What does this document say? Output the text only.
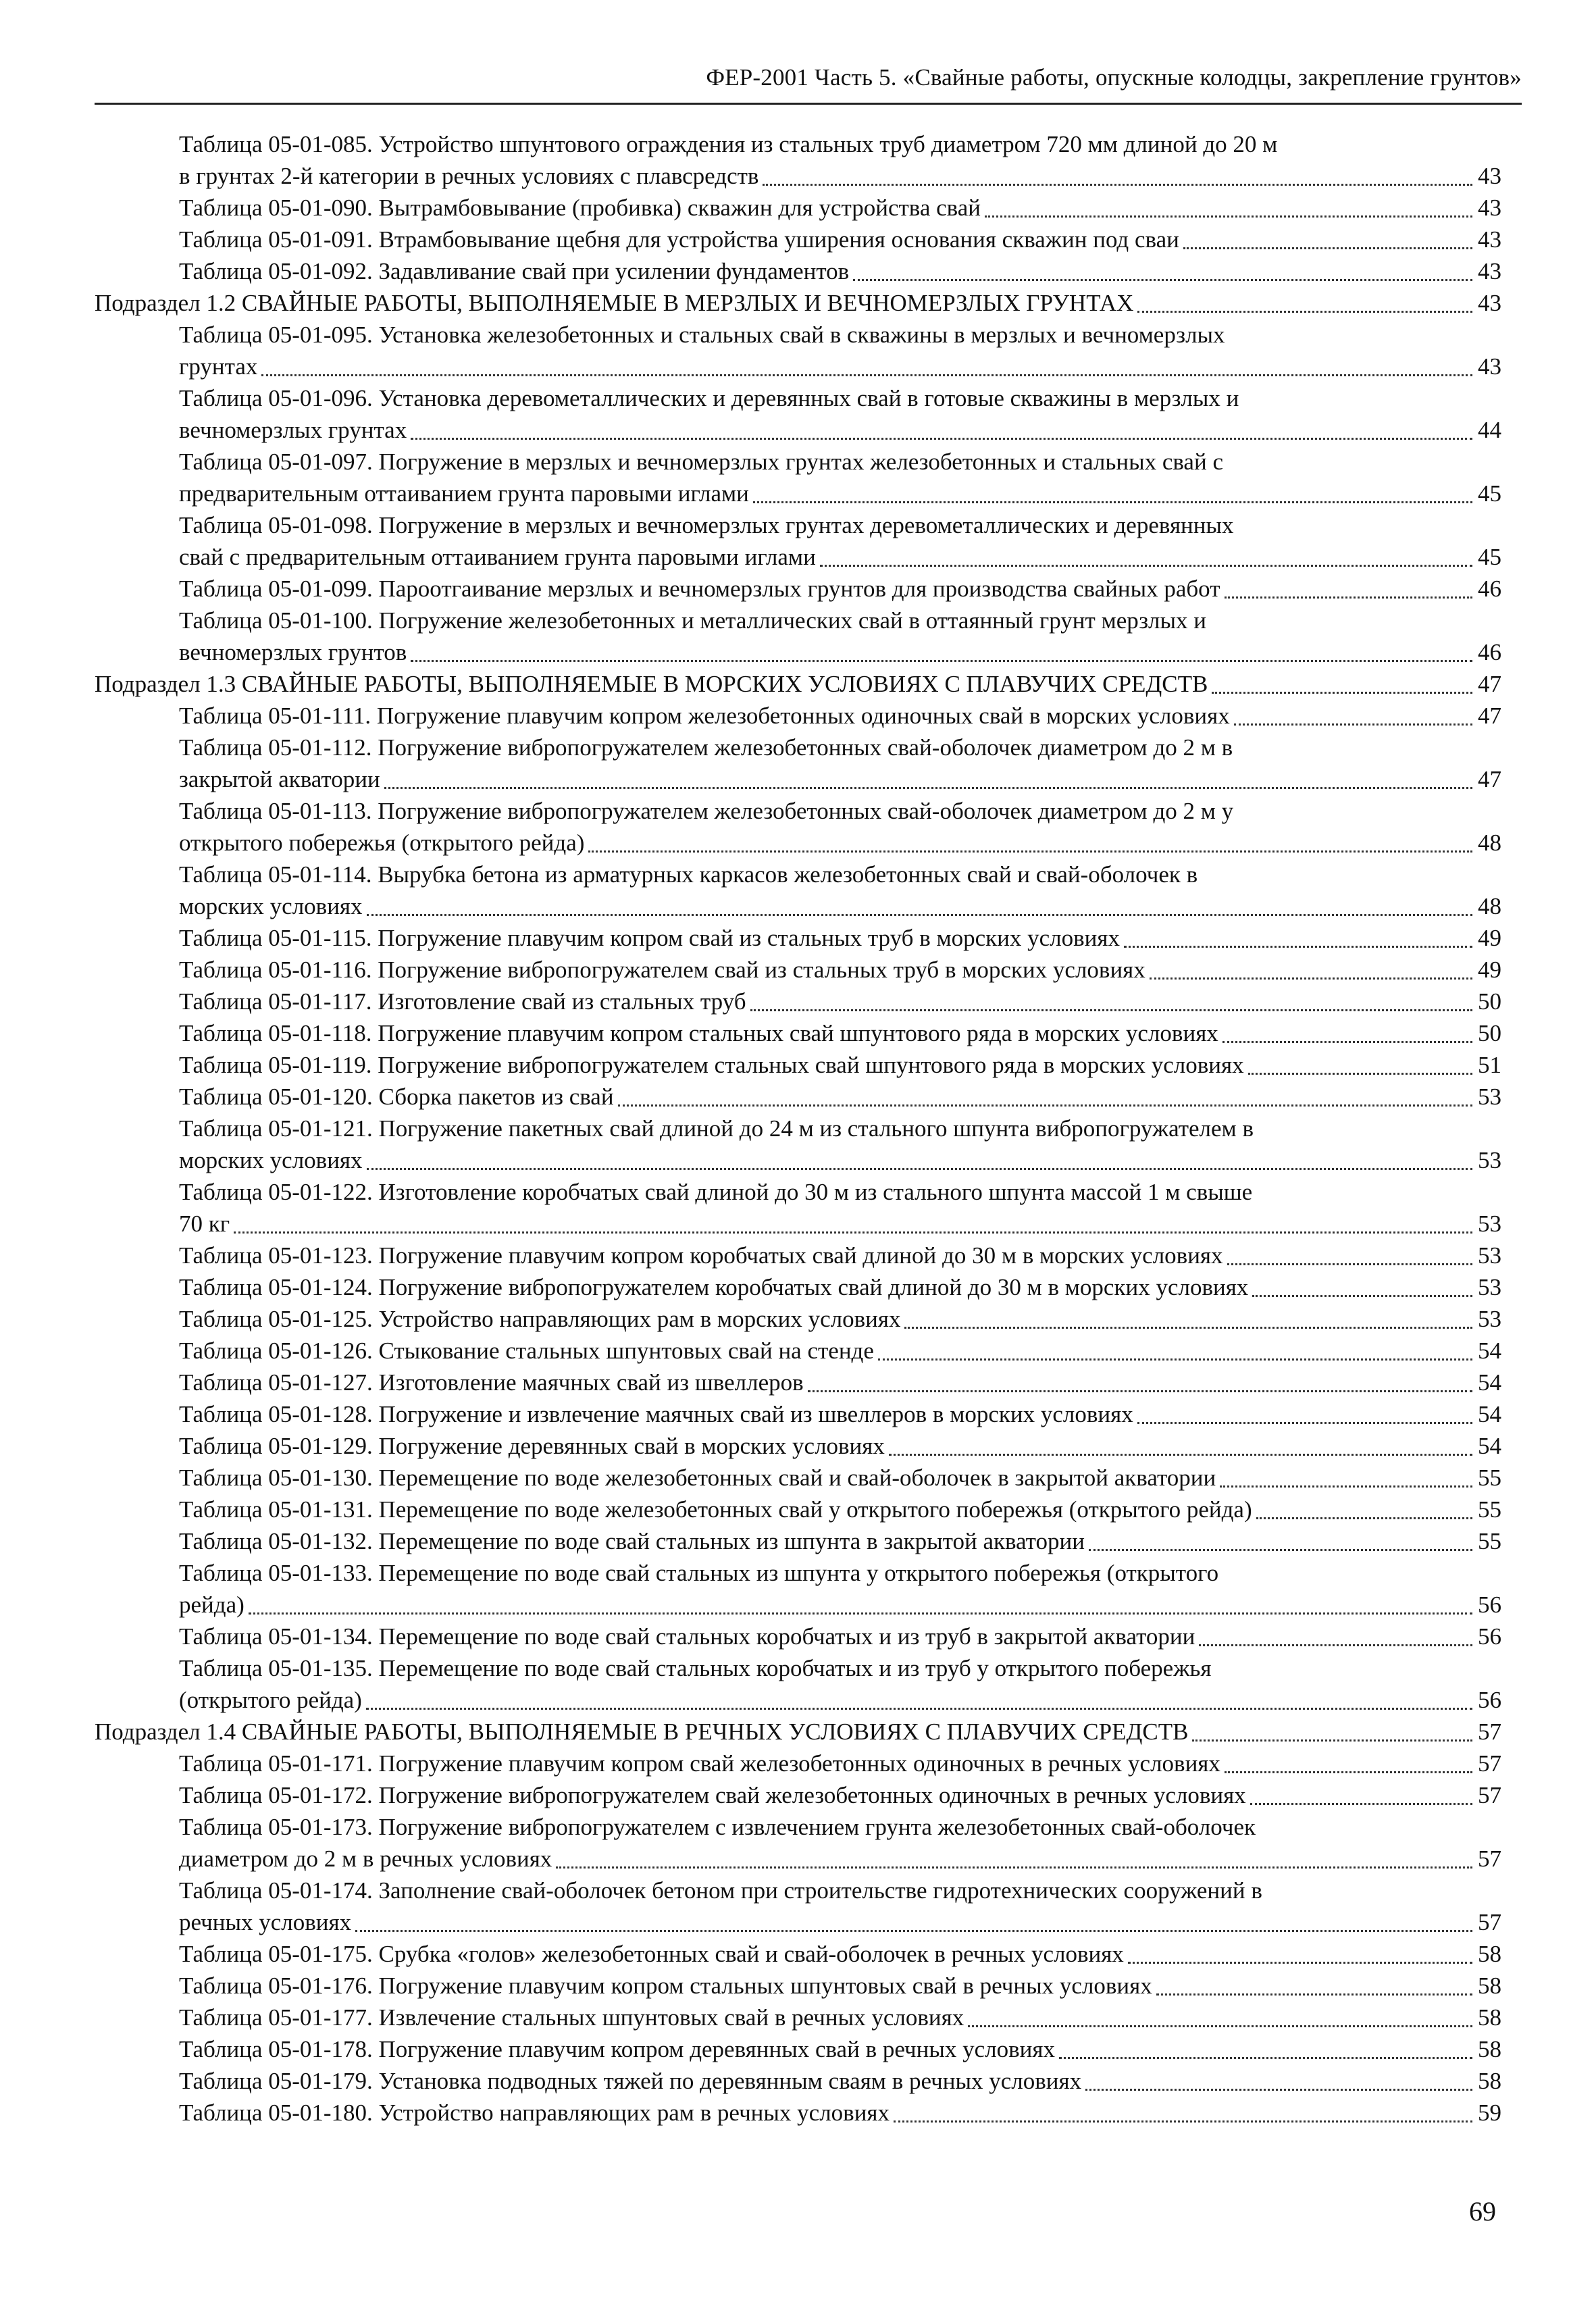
ФЕР-2001 Часть 5. «Свайные работы, опускные колодцы, закрепление грунтов»
Таблица 05-01-085. Устройство шпунтового ограждения из стальных труб диаметром 720 мм длиной до 20 м
в грунтах 2-й категории в речных условиях с плавсредств	43
Таблица 05-01-090. Вытрамбовывание (пробивка) скважин для устройства свай	43
Таблица 05-01-091. Втрамбовывание щебня для устройства уширения основания скважин под сваи	43
Таблица 05-01-092. Задавливание свай при усилении фундаментов	43
Подраздел 1.2 СВАЙНЫЕ РАБОТЫ, ВЫПОЛНЯЕМЫЕ В МЕРЗЛЫХ И ВЕЧНОМЕРЗЛЫХ ГРУНТАХ	43
Таблица 05-01-095. Установка железобетонных и стальных свай в скважины в мерзлых и вечномерзлых
грунтах	43
Таблица 05-01-096. Установка деревометаллических и деревянных свай в готовые скважины в мерзлых и
вечномерзлых грунтах	44
Таблица 05-01-097. Погружение в мерзлых и вечномерзлых грунтах железобетонных и стальных свай с
предварительным оттаиванием грунта паровыми иглами	45
Таблица 05-01-098. Погружение в мерзлых и вечномерзлых грунтах деревометаллических и деревянных
свай с предварительным оттаиванием грунта паровыми иглами	45
Таблица 05-01-099. Пароотгаивание мерзлых и вечномерзлых грунтов для производства свайных работ	46
Таблица 05-01-100. Погружение железобетонных и металлических свай в оттаянный грунт мерзлых и
вечномерзлых грунтов	46
Подраздел 1.3 СВАЙНЫЕ РАБОТЫ, ВЫПОЛНЯЕМЫЕ В МОРСКИХ УСЛОВИЯХ С ПЛАВУЧИХ СРЕДСТВ	47
Таблица 05-01-111. Погружение плавучим копром железобетонных одиночных свай в морских условиях	47
Таблица 05-01-112. Погружение вибропогружателем железобетонных свай-оболочек диаметром до 2 м в
закрытой акватории	47
Таблица 05-01-113. Погружение вибропогружателем железобетонных свай-оболочек диаметром до 2 м у
открытого побережья (открытого рейда)	48
Таблица 05-01-114. Вырубка бетона из арматурных каркасов железобетонных свай и свай-оболочек в
морских условиях	48
Таблица 05-01-115. Погружение плавучим копром свай из стальных труб в морских условиях	49
Таблица 05-01-116. Погружение вибропогружателем свай из стальных труб в морских условиях	49
Таблица 05-01-117. Изготовление свай из стальных труб	50
Таблица 05-01-118. Погружение плавучим копром стальных свай шпунтового ряда в морских условиях	50
Таблица 05-01-119. Погружение вибропогружателем стальных свай шпунтового ряда в морских условиях	51
Таблица 05-01-120. Сборка пакетов из свай	53
Таблица 05-01-121. Погружение пакетных свай длиной до 24 м из стального шпунта вибропогружателем в
морских условиях	53
Таблица 05-01-122. Изготовление коробчатых свай длиной до 30 м из стального шпунта массой 1 м свыше
70 кг	53
Таблица 05-01-123. Погружение плавучим копром коробчатых свай длиной до 30 м в морских условиях	53
Таблица 05-01-124. Погружение вибропогружателем коробчатых свай длиной до 30 м в морских условиях	53
Таблица 05-01-125. Устройство направляющих рам в морских условиях	53
Таблица 05-01-126. Стыкование стальных шпунтовых свай на стенде	54
Таблица 05-01-127. Изготовление маячных свай из швеллеров	54
Таблица 05-01-128. Погружение и извлечение маячных свай из швеллеров в морских условиях	54
Таблица 05-01-129. Погружение деревянных свай в морских условиях	54
Таблица 05-01-130. Перемещение по воде железобетонных свай и свай-оболочек в закрытой акватории	55
Таблица 05-01-131. Перемещение по воде железобетонных свай у открытого побережья (открытого рейда)	55
Таблица 05-01-132. Перемещение по воде свай стальных из шпунта в закрытой акватории	55
Таблица 05-01-133. Перемещение по воде свай стальных из шпунта у открытого побережья (открытого
рейда)	56
Таблица 05-01-134. Перемещение по воде свай стальных коробчатых и из труб в закрытой акватории	56
Таблица 05-01-135. Перемещение по воде свай стальных коробчатых и из труб у открытого побережья
(открытого рейда)	56
Подраздел 1.4 СВАЙНЫЕ РАБОТЫ, ВЫПОЛНЯЕМЫЕ В РЕЧНЫХ УСЛОВИЯХ С ПЛАВУЧИХ СРЕДСТВ	57
Таблица 05-01-171. Погружение плавучим копром свай железобетонных одиночных в речных условиях	57
Таблица 05-01-172. Погружение вибропогружателем свай железобетонных одиночных в речных условиях	57
Таблица 05-01-173. Погружение вибропогружателем с извлечением грунта железобетонных свай-оболочек
диаметром до 2 м в речных условиях	57
Таблица 05-01-174. Заполнение свай-оболочек бетоном при строительстве гидротехнических сооружений в
речных условиях	57
Таблица 05-01-175. Срубка «голов» железобетонных свай и свай-оболочек в речных условиях	58
Таблица 05-01-176. Погружение плавучим копром стальных шпунтовых свай в речных условиях	58
Таблица 05-01-177. Извлечение стальных шпунтовых свай в речных условиях	58
Таблица 05-01-178. Погружение плавучим копром деревянных свай в речных условиях	58
Таблица 05-01-179. Установка подводных тяжей по деревянным сваям в речных условиях	58
Таблица 05-01-180. Устройство направляющих рам в речных условиях	59
69
